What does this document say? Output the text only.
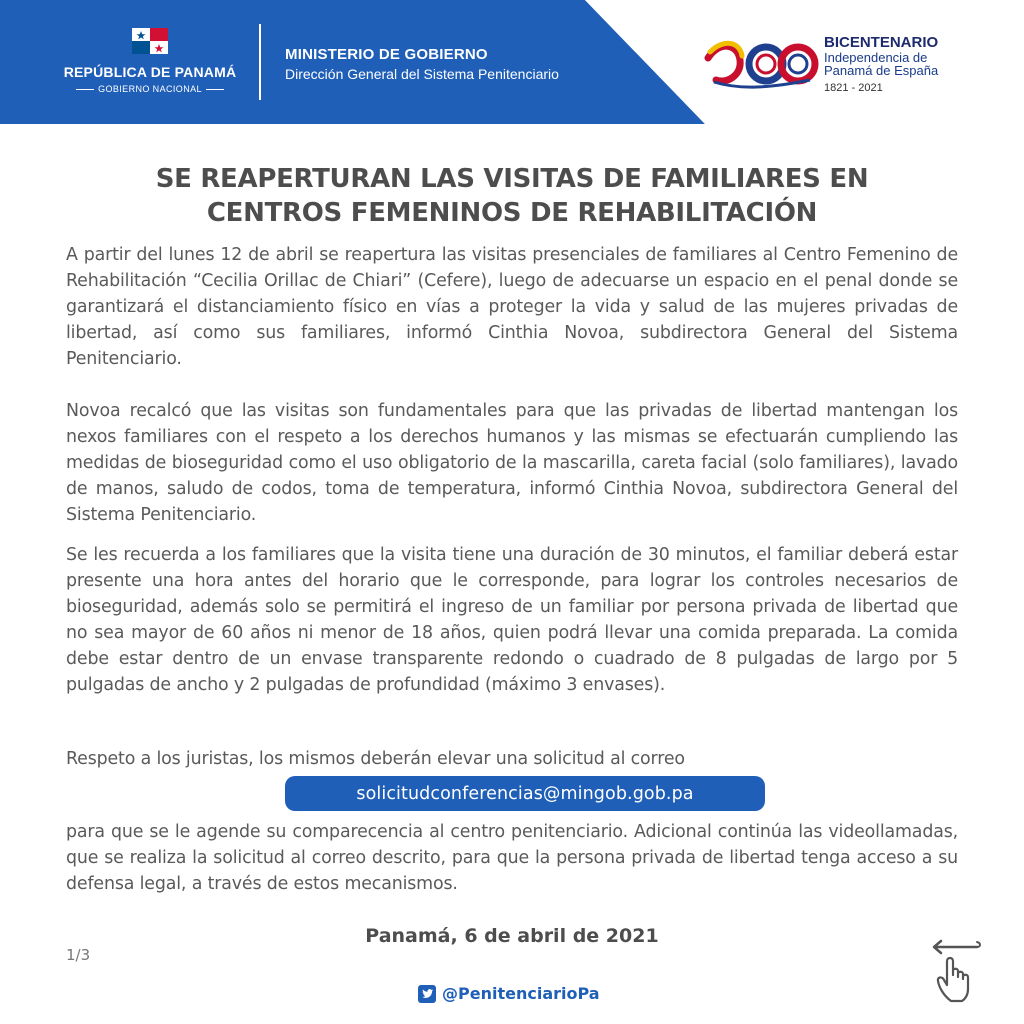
REPÚBLICA DE PANAMÁ
GOBIERNO NACIONAL
MINISTERIO DE GOBIERNO
Dirección General del Sistema Penitenciario
BICENTENARIO
Independencia de
Panamá de España
1821 - 2021
SE REAPERTURAN LAS VISITAS DE FAMILIARES EN
CENTROS FEMENINOS DE REHABILITACIÓN

A partir del lunes 12 de abril se reapertura las visitas presenciales de familiares al Centro Femenino de Rehabilitación “Cecilia Orillac de Chiari” (Cefere), luego de adecuarse un espacio en el penal donde se garantizará el distanciamiento físico en vías a proteger la vida y salud de las mujeres privadas de libertad, así como sus familiares, informó Cinthia Novoa, subdirectora General del Sistema Penitenciario.

Novoa recalcó que las visitas son fundamentales para que las privadas de libertad mantengan los nexos familiares con el respeto a los derechos humanos y las mismas se efectuarán cumpliendo las medidas de bioseguridad como el uso obligatorio de la mascarilla, careta facial (solo familiares), lavado de manos, saludo de codos, toma de temperatura, informó Cinthia Novoa, subdirectora General del Sistema Penitenciario.

Se les recuerda a los familiares que la visita tiene una duración de 30 minutos, el familiar deberá estar presente una hora antes del horario que le corresponde, para lograr los controles necesarios de bioseguridad, además solo se permitirá el ingreso de un familiar por persona privada de libertad que no sea mayor de 60 años ni menor de 18 años, quien podrá llevar una comida preparada. La comida debe estar dentro de un envase transparente redondo o cuadrado de 8 pulgadas de largo por 5 pulgadas de ancho y 2 pulgadas de profundidad (máximo 3 envases).

Respeto a los juristas, los mismos deberán elevar una solicitud al correo

solicitudconferencias@mingob.gob.pa

para que se le agende su comparecencia al centro penitenciario. Adicional continúa las videollamadas, que se realiza la solicitud al correo descrito, para que la persona privada de libertad tenga acceso a su defensa legal, a través de estos mecanismos.

Panamá, 6 de abril de 2021
1/3
@PenitenciarioPa
